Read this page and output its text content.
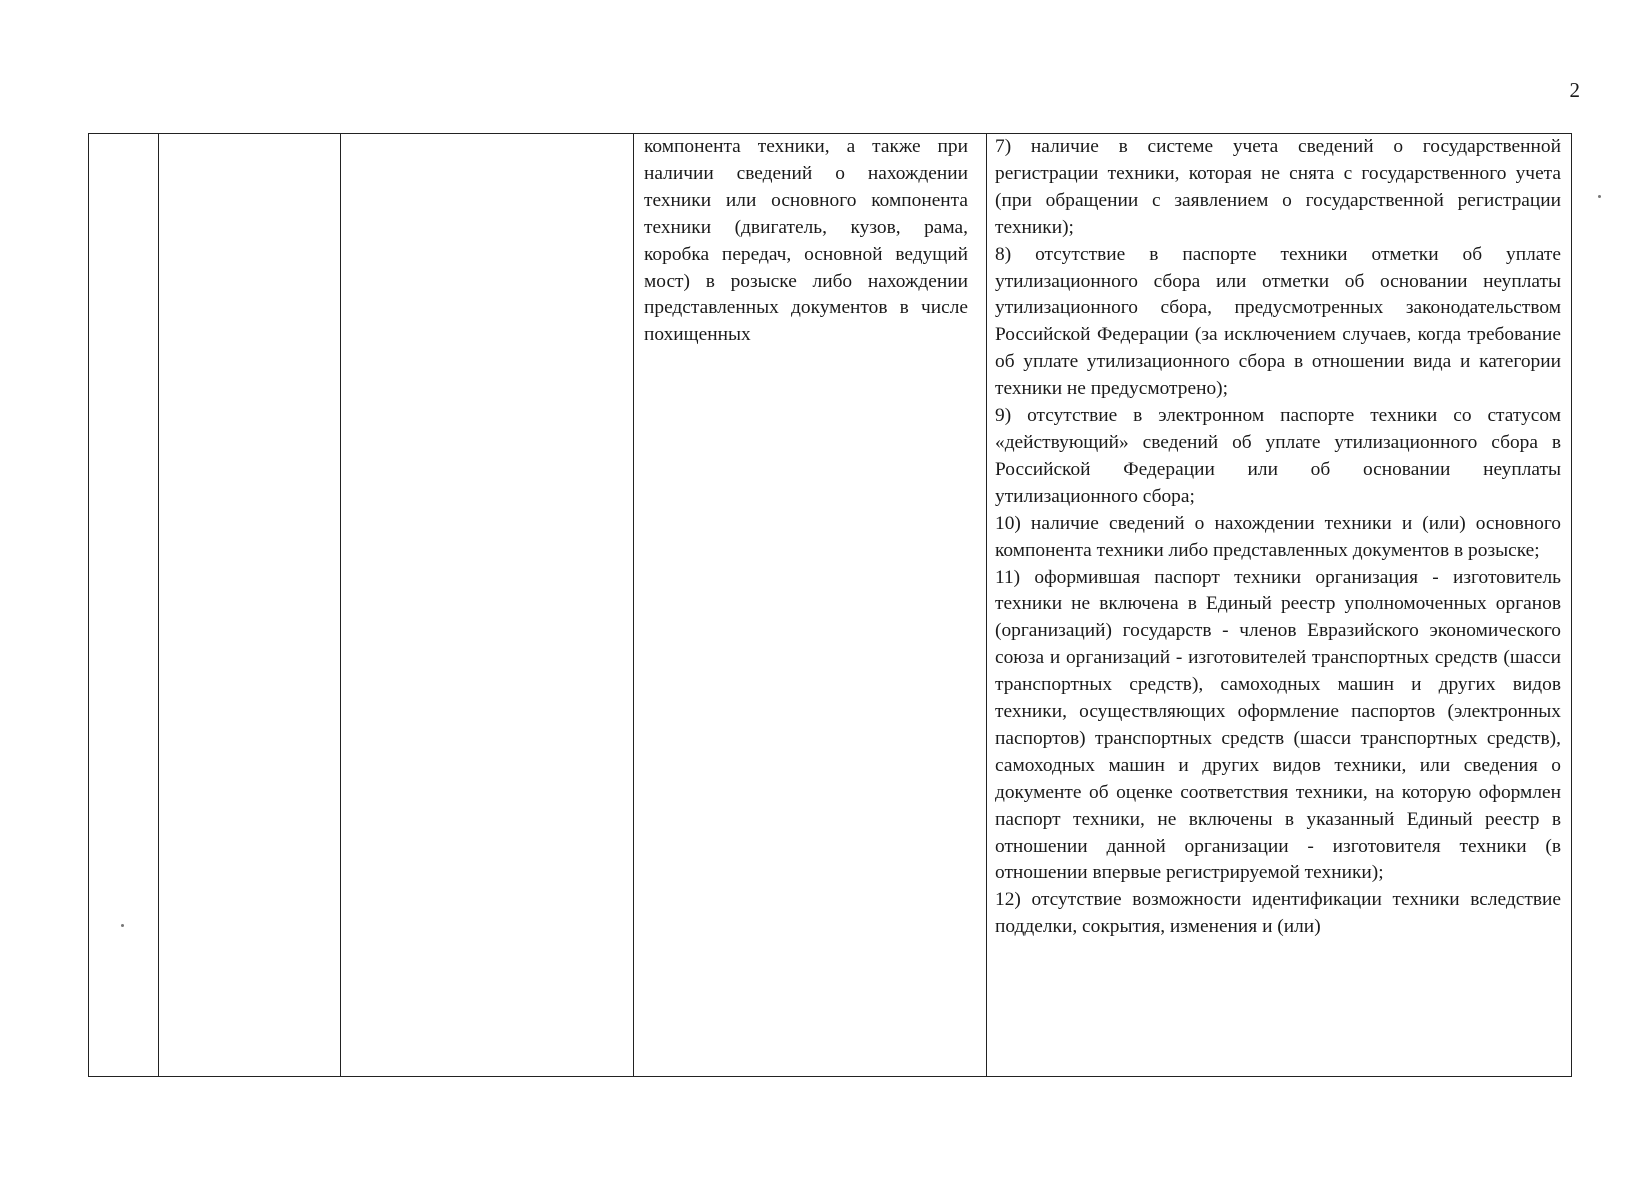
2

компонента техники, а также при наличии сведений о нахождении техники или основного компонента техники (двигатель, кузов, рама, коробка передач, основной ведущий мост) в розыске либо нахождении представленных документов в числе похищенных

7) наличие в системе учета сведений о государственной регистрации техники, которая не снята с государственного учета (при обращении с заявлением о государственной регистрации техники);

8) отсутствие в паспорте техники отметки об уплате утилизационного сбора или отметки об основании неуплаты утилизационного сбора, предусмотренных законодательством Российской Федерации (за исключением случаев, когда требование об уплате утилизационного сбора в отношении вида и категории техники не предусмотрено);

9) отсутствие в электронном паспорте техники со статусом «действующий» сведений об уплате утилизационного сбора в Российской Федерации или об основании неуплаты утилизационного сбора;

10) наличие сведений о нахождении техники и (или) основного компонента техники либо представленных документов в розыске;

11) оформившая паспорт техники организация - изготовитель техники не включена в Единый реестр уполномоченных органов (организаций) государств - членов Евразийского экономического союза и организаций - изготовителей транспортных средств (шасси транспортных средств), самоходных машин и других видов техники, осуществляющих оформление паспортов (электронных паспортов) транспортных средств (шасси транспортных средств), самоходных машин и других видов техники, или сведения о документе об оценке соответствия техники, на которую оформлен паспорт техники, не включены в указанный Единый реестр в отношении данной организации - изготовителя техники (в отношении впервые регистрируемой техники);

12) отсутствие возможности идентификации техники вследствие подделки, сокрытия, изменения и (или)
